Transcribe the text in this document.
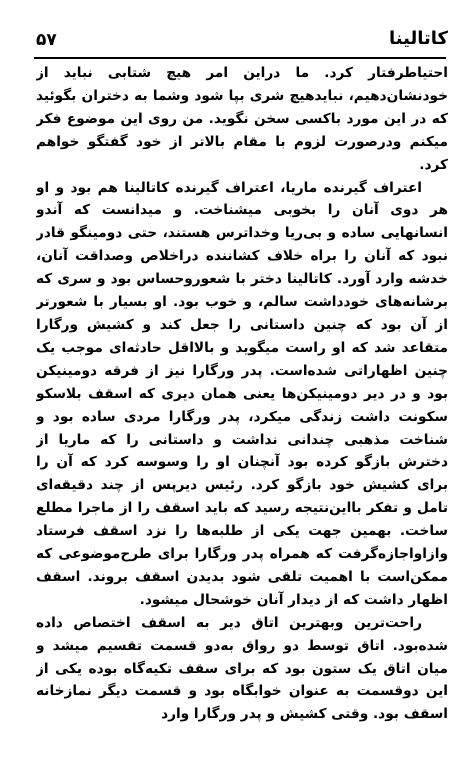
۵۷	کاتالینا

احتیاطرفتار کرد. ما دراین امر هیچ شتابی نباید از خودنشان‌دهیم، نبایدهیچ شری بپا شود وشما به دختران بگوئید که در این مورد باکسی سخن نگوید. من روی این موضوع فکر میکنم ودرصورت لزوم با مقام بالاتر از خود گفتگو خواهم کرد.

اعتراف گیرنده ماریا، اعتراف گیرنده کاتالینا هم بود و او هر دوی آنان را بخوبی میشناخت. و میدانست که آندو انسانهایی ساده و بی‌ریا وخداترس هستند، حتی دومینگو قادر نبود که آنان را براه خلاف کشاننده دراخلاص وصداقت آنان، خدشه وارد آورد. کاتالینا دختر با شعوروحساس بود و سری که برشانه‌های خودداشت سالم، و خوب بود. او بسیار با شعورتر از آن بود که چنین داستانی را جعل کند و کشیش ورگارا متقاعد شد که او راست میگوید و بالااقل حادثه‌ای موجب یک چنین اظهاراتی شده‌است. پدر ورگارا نیز از فرقه دومینیکن بود و در دیر دومینیکن‌ها یعنی همان دیری که اسقف بلاسکو سکونت داشت زندگی میکرد، پدر ورگارا مردی ساده بود و شناخت مذهبی چندانی نداشت و داستانی را که ماریا از دخترش بازگو کرده بود آنچنان او را وسوسه کرد که آن را برای کشیش خود بازگو کرد. رئیس دیرپس از چند دقیقه‌ای تامل و تفکر بااین‌نتیجه رسید که باید اسقف را از ماجرا مطلع ساخت. بهمین جهت یکی از طلبه‌ها را نزد اسقف فرستاد وازاواجازه‌گرفت که همراه پدر ورگارا برای طرح‌موضوعی که ممکن‌است با اهمیت تلقی شود بدیدن اسقف بروند. اسقف اظهار داشت که از دیدار آنان خوشحال میشود.

راحت‌ترین وبهترین اتاق دیر به اسقف اختصاص داده شده‌بود. اتاق توسط دو رواق به‌دو قسمت تقسیم میشد و میان اتاق یک ستون بود که برای سقف تکیه‌گاه بوده یکی از این دوقسمت به عنوان خوابگاه بود و قسمت دیگر نمازخانه اسقف بود. وقتی کشیش و پدر ورگارا وارد
